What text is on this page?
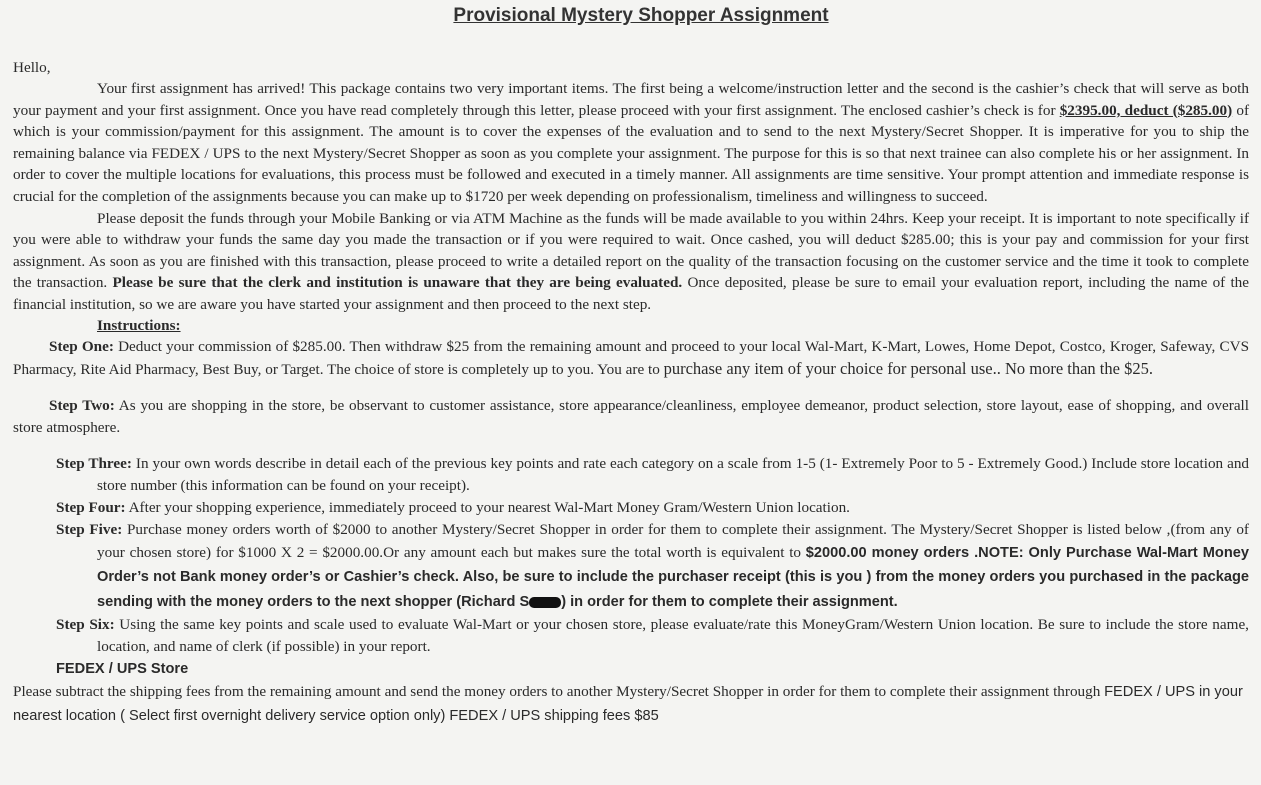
Provisional Mystery Shopper Assignment
Hello,

Your first assignment has arrived! This package contains two very important items. The first being a welcome/instruction letter and the second is the cashier’s check that will serve as both your payment and your first assignment. Once you have read completely through this letter, please proceed with your first assignment. The enclosed cashier’s check is for $2395.00, deduct ($285.00) of which is your commission/payment for this assignment. The amount is to cover the expenses of the evaluation and to send to the next Mystery/Secret Shopper. It is imperative for you to ship the remaining balance via FEDEX / UPS to the next Mystery/Secret Shopper as soon as you complete your assignment. The purpose for this is so that next trainee can also complete his or her assignment. In order to cover the multiple locations for evaluations, this process must be followed and executed in a timely manner. All assignments are time sensitive. Your prompt attention and immediate response is crucial for the completion of the assignments because you can make up to $1720 per week depending on professionalism, timeliness and willingness to succeed.

Please deposit the funds through your Mobile Banking or via ATM Machine as the funds will be made available to you within 24hrs. Keep your receipt. It is important to note specifically if you were able to withdraw your funds the same day you made the transaction or if you were required to wait. Once cashed, you will deduct $285.00; this is your pay and commission for your first assignment. As soon as you are finished with this transaction, please proceed to write a detailed report on the quality of the transaction focusing on the customer service and the time it took to complete the transaction. Please be sure that the clerk and institution is unaware that they are being evaluated. Once deposited, please be sure to email your evaluation report, including the name of the financial institution, so we are aware you have started your assignment and then proceed to the next step.

Instructions:

Step One: Deduct your commission of $285.00. Then withdraw $25 from the remaining amount and proceed to your local Wal-Mart, K-Mart, Lowes, Home Depot, Costco, Kroger, Safeway, CVS Pharmacy, Rite Aid Pharmacy, Best Buy, or Target. The choice of store is completely up to you. You are to purchase any item of your choice for personal use.. No more than the $25.

Step Two: As you are shopping in the store, be observant to customer assistance, store appearance/cleanliness, employee demeanor, product selection, store layout, ease of shopping, and overall store atmosphere.

Step Three: In your own words describe in detail each of the previous key points and rate each category on a scale from 1-5 (1- Extremely Poor to 5 - Extremely Good.) Include store location and store number (this information can be found on your receipt).

Step Four: After your shopping experience, immediately proceed to your nearest Wal-Mart Money Gram/Western Union location.

Step Five: Purchase money orders worth of $2000 to another Mystery/Secret Shopper in order for them to complete their assignment. The Mystery/Secret Shopper is listed below ,(from any of your chosen store) for $1000 X 2 = $2000.00.Or any amount each but makes sure the total worth is equivalent to $2000.00 money orders .NOTE: Only Purchase Wal-Mart Money Order’s not Bank money order’s or Cashier’s check. Also, be sure to include the purchaser receipt (this is you ) from the money orders you purchased in the package sending with the money orders to the next shopper (Richard S ) in order for them to complete their assignment.

Step Six: Using the same key points and scale used to evaluate Wal-Mart or your chosen store, please evaluate/rate this MoneyGram/Western Union location. Be sure to include the store name, location, and name of clerk (if possible) in your report.

FEDEX / UPS Store

Please subtract the shipping fees from the remaining amount and send the money orders to another Mystery/Secret Shopper in order for them to complete their assignment through FEDEX / UPS in your nearest location ( Select first overnight delivery service option only) FEDEX / UPS shipping fees $85
